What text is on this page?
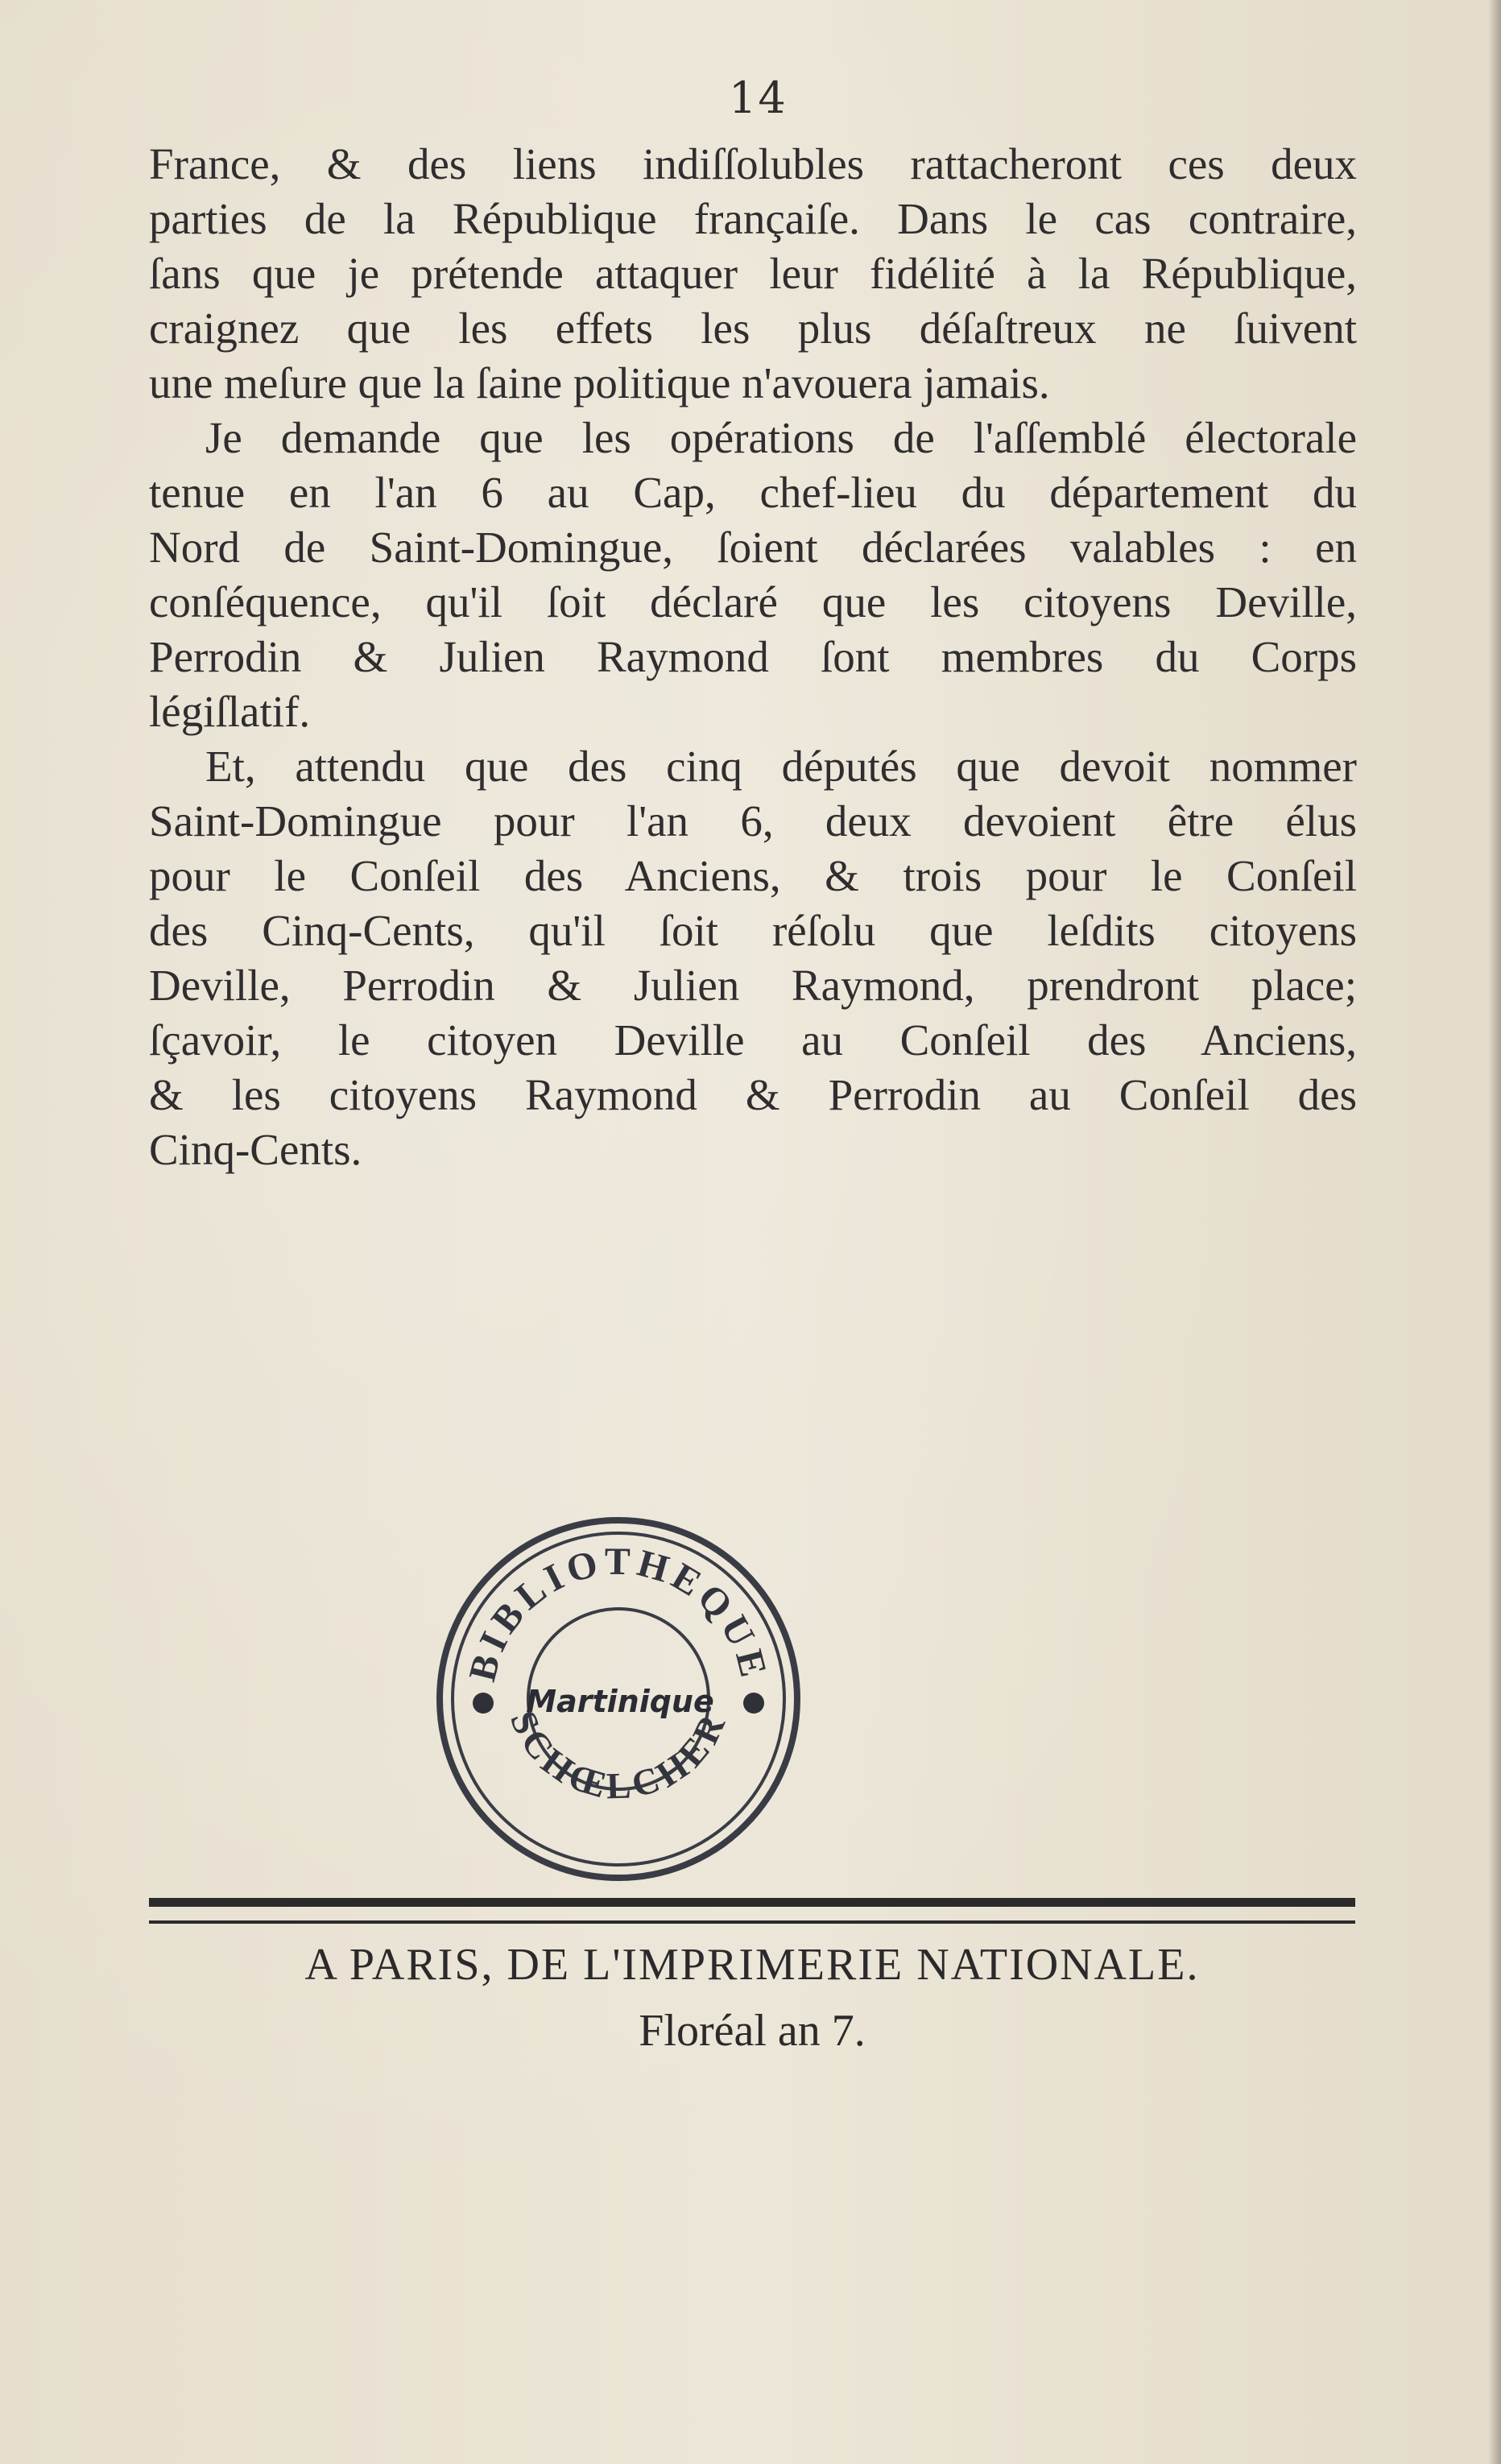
14
France, & des liens indiſſolubles rattacheront ces deux
parties de la République françaiſe. Dans le cas contraire,
ſans que je prétende attaquer leur fidélité à la République,
craignez que les effets les plus déſaſtreux ne ſuivent
une meſure que la ſaine politique n'avouera jamais.
Je demande que les opérations de l'aſſemblé électorale
tenue en l'an 6 au Cap, chef-lieu du département du
Nord de Saint-Domingue, ſoient déclarées valables : en
conſéquence, qu'il ſoit déclaré que les citoyens Deville,
Perrodin & Julien Raymond ſont membres du Corps
légiſlatif.
Et, attendu que des cinq députés que devoit nommer
Saint-Domingue pour l'an 6, deux devoient être élus
pour le Conſeil des Anciens, & trois pour le Conſeil
des Cinq-Cents, qu'il ſoit réſolu que leſdits citoyens
Deville, Perrodin & Julien Raymond, prendront place;
ſçavoir, le citoyen Deville au Conſeil des Anciens,
& les citoyens Raymond & Perrodin au Conſeil des
Cinq-Cents.
BIBLIOTHEQUE
SCHŒLCHER
Martinique
A PARIS, DE L'IMPRIMERIE NATIONALE.
Floréal an 7.
